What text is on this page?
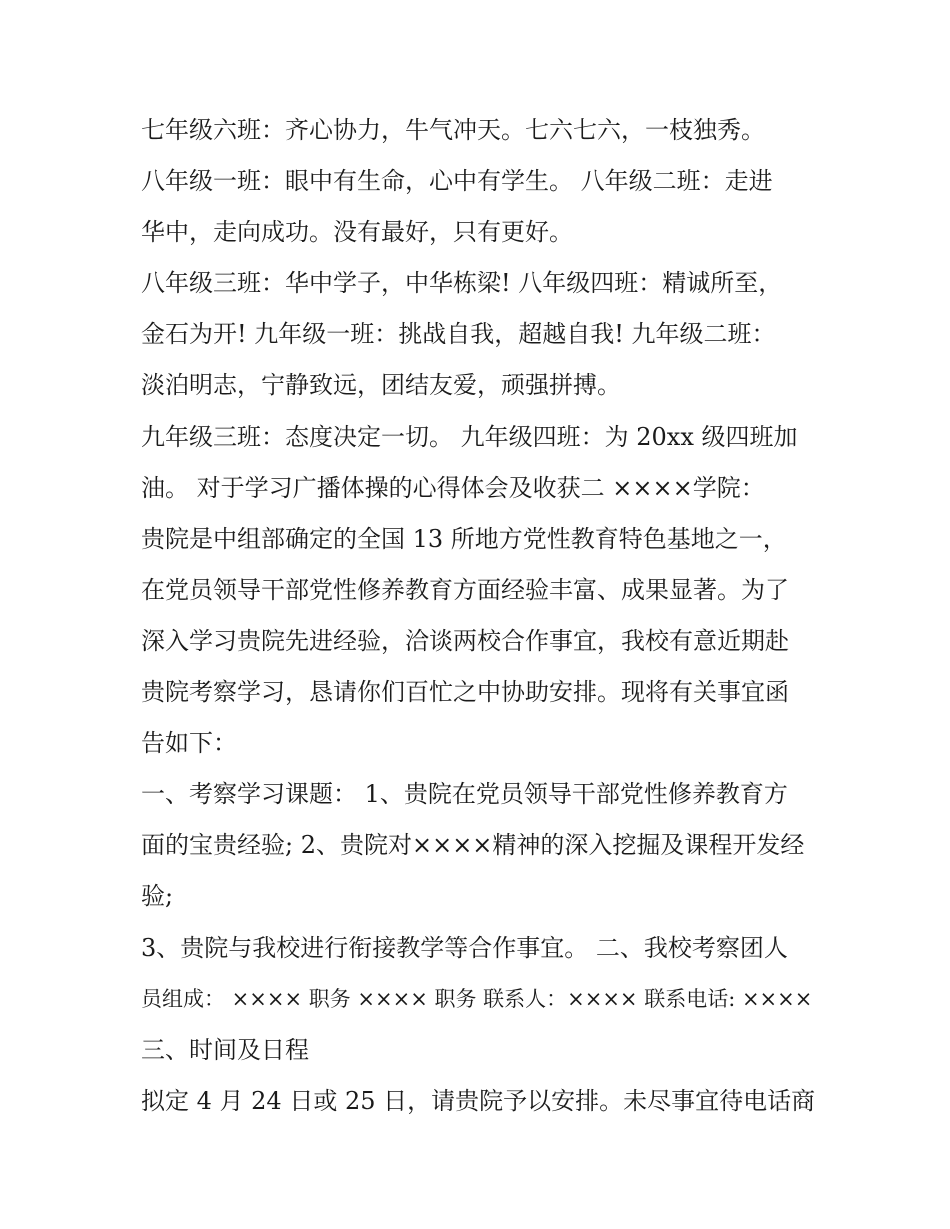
七年级六班：齐心协力，牛气冲天。七六七六，一枝独秀。
八年级一班：眼中有生命，心中有学生。 八年级二班：走进
华中，走向成功。没有最好，只有更好。
八年级三班：华中学子，中华栋梁! 八年级四班：精诚所至，
金石为开! 九年级一班：挑战自我，超越自我! 九年级二班：
淡泊明志，宁静致远，团结友爱，顽强拼搏。
九年级三班：态度决定一切。 九年级四班：为 20xx 级四班加
油。 对于学习广播体操的心得体会及收获二 ××××学院：
贵院是中组部确定的全国 13 所地方党性教育特色基地之一，
在党员领导干部党性修养教育方面经验丰富、成果显著。为了
深入学习贵院先进经验，洽谈两校合作事宜，我校有意近期赴
贵院考察学习，恳请你们百忙之中协助安排。现将有关事宜函
告如下：
一、考察学习课题： 1、贵院在党员领导干部党性修养教育方
面的宝贵经验; 2、贵院对××××精神的深入挖掘及课程开发经
验;
3、贵院与我校进行衔接教学等合作事宜。 二、我校考察团人
员组成： ×××× 职务 ×××× 职务 联系人：×××× 联系电话: ××××
三、时间及日程
拟定 4 月 24 日或 25 日，请贵院予以安排。未尽事宜待电话商
